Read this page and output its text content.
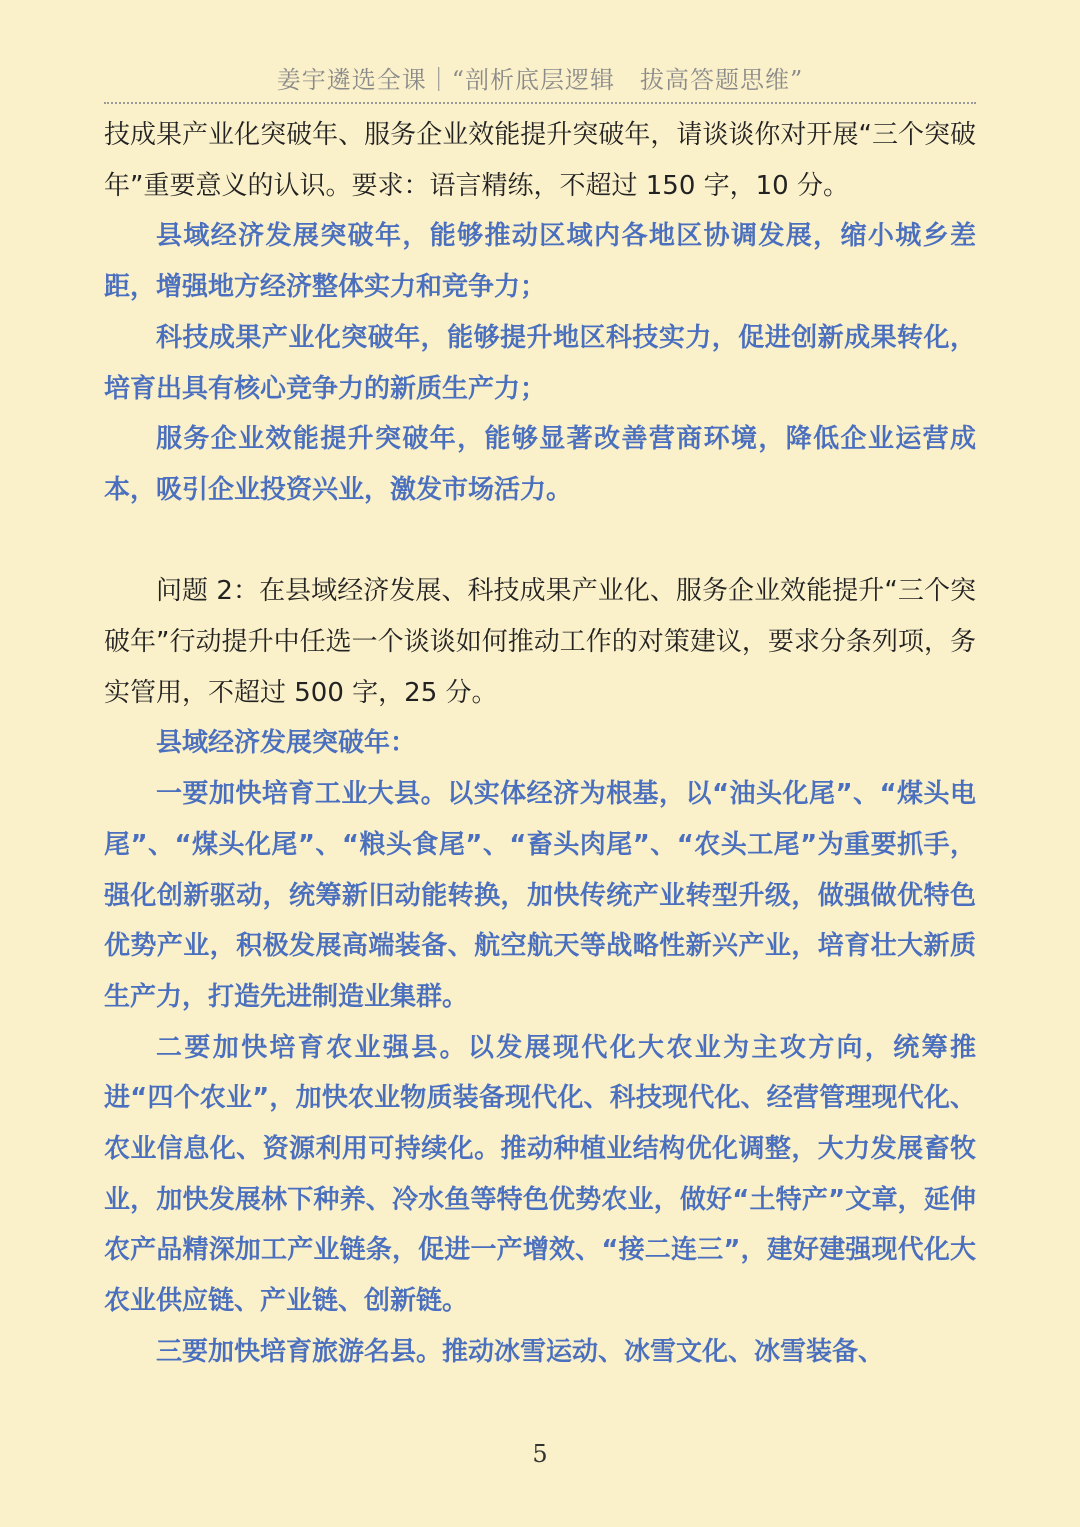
姜宇遴选全课｜“剖析底层逻辑　拔高答题思维”

技成果产业化突破年、服务企业效能提升突破年，请谈谈你对开展“三个突破年”重要意义的认识。要求：语言精练，不超过 150 字，10 分。

县域经济发展突破年，能够推动区域内各地区协调发展，缩小城乡差距，增强地方经济整体实力和竞争力；

科技成果产业化突破年，能够提升地区科技实力，促进创新成果转化，培育出具有核心竞争力的新质生产力；

服务企业效能提升突破年，能够显著改善营商环境，降低企业运营成本，吸引企业投资兴业，激发市场活力。

问题 2：在县域经济发展、科技成果产业化、服务企业效能提升“三个突破年”行动提升中任选一个谈谈如何推动工作的对策建议，要求分条列项，务实管用，不超过 500 字，25 分。

县域经济发展突破年：

一要加快培育工业大县。以实体经济为根基，以“油头化尾”、“煤头电尾”、“煤头化尾”、“粮头食尾”、“畜头肉尾”、“农头工尾”为重要抓手，强化创新驱动，统筹新旧动能转换，加快传统产业转型升级，做强做优特色优势产业，积极发展高端装备、航空航天等战略性新兴产业，培育壮大新质生产力，打造先进制造业集群。

二要加快培育农业强县。以发展现代化大农业为主攻方向，统筹推进“四个农业”，加快农业物质装备现代化、科技现代化、经营管理现代化、农业信息化、资源利用可持续化。推动种植业结构优化调整，大力发展畜牧业，加快发展林下种养、冷水鱼等特色优势农业，做好“土特产”文章，延伸农产品精深加工产业链条，促进一产增效、“接二连三”，建好建强现代化大农业供应链、产业链、创新链。

三要加快培育旅游名县。推动冰雪运动、冰雪文化、冰雪装备、

5
